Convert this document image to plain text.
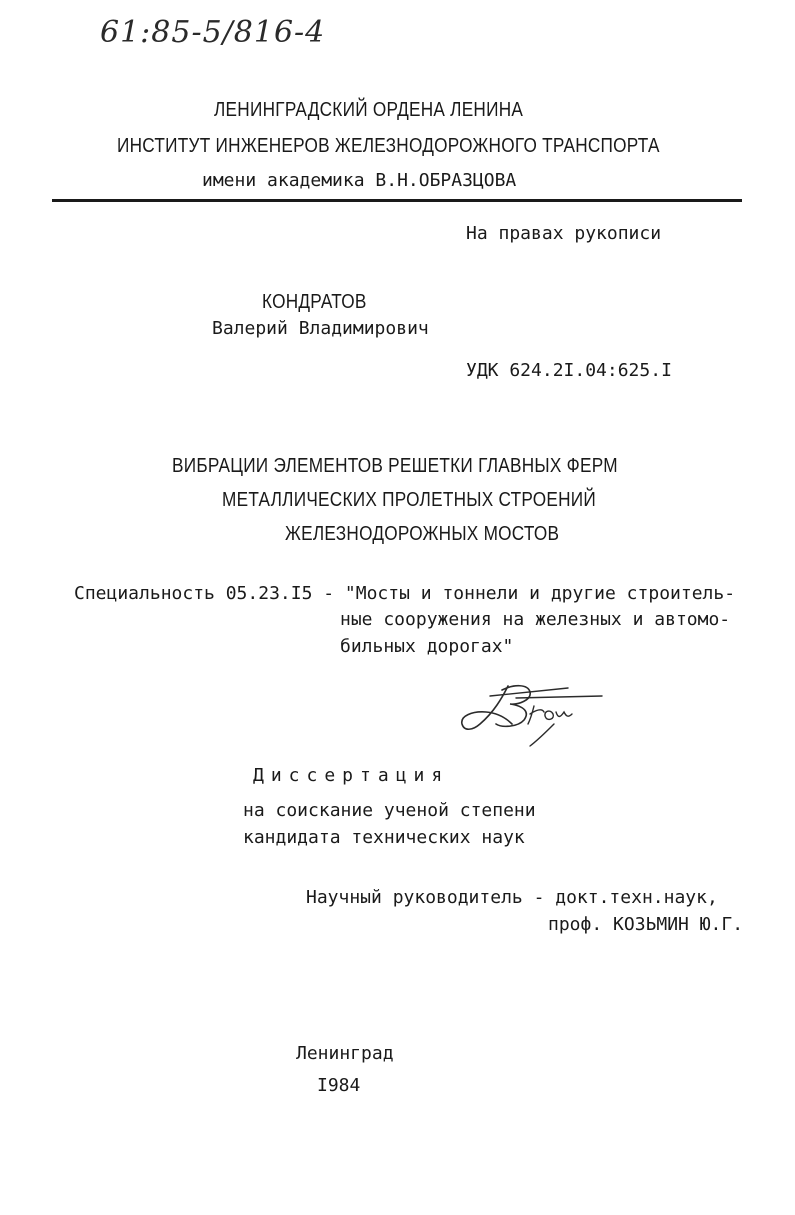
61:85-5/816-4
ЛЕНИНГРАДСКИЙ ОРДЕНА ЛЕНИНА
ИНСТИТУТ ИНЖЕНЕРОВ ЖЕЛЕЗНОДОРОЖНОГО ТРАНСПОРТА
имени академика В.Н.ОБРАЗЦОВА
На правах рукописи
КОНДРАТОВ
Валерий Владимирович
УДК 624.2I.04:625.I
ВИБРАЦИИ ЭЛЕМЕНТОВ РЕШЕТКИ ГЛАВНЫХ ФЕРМ
МЕТАЛЛИЧЕСКИХ ПРОЛЕТНЫХ СТРОЕНИЙ
ЖЕЛЕЗНОДОРОЖНЫХ МОСТОВ
Специальность 05.23.I5 - "Мосты и тоннели и другие строитель-
ные сооружения на железных и автомо-
бильных дорогах"
Диссертация
на соискание ученой степени
кандидата технических наук
Научный руководитель - докт.техн.наук,
проф. КОЗЬМИН Ю.Г.
Ленинград
I984
